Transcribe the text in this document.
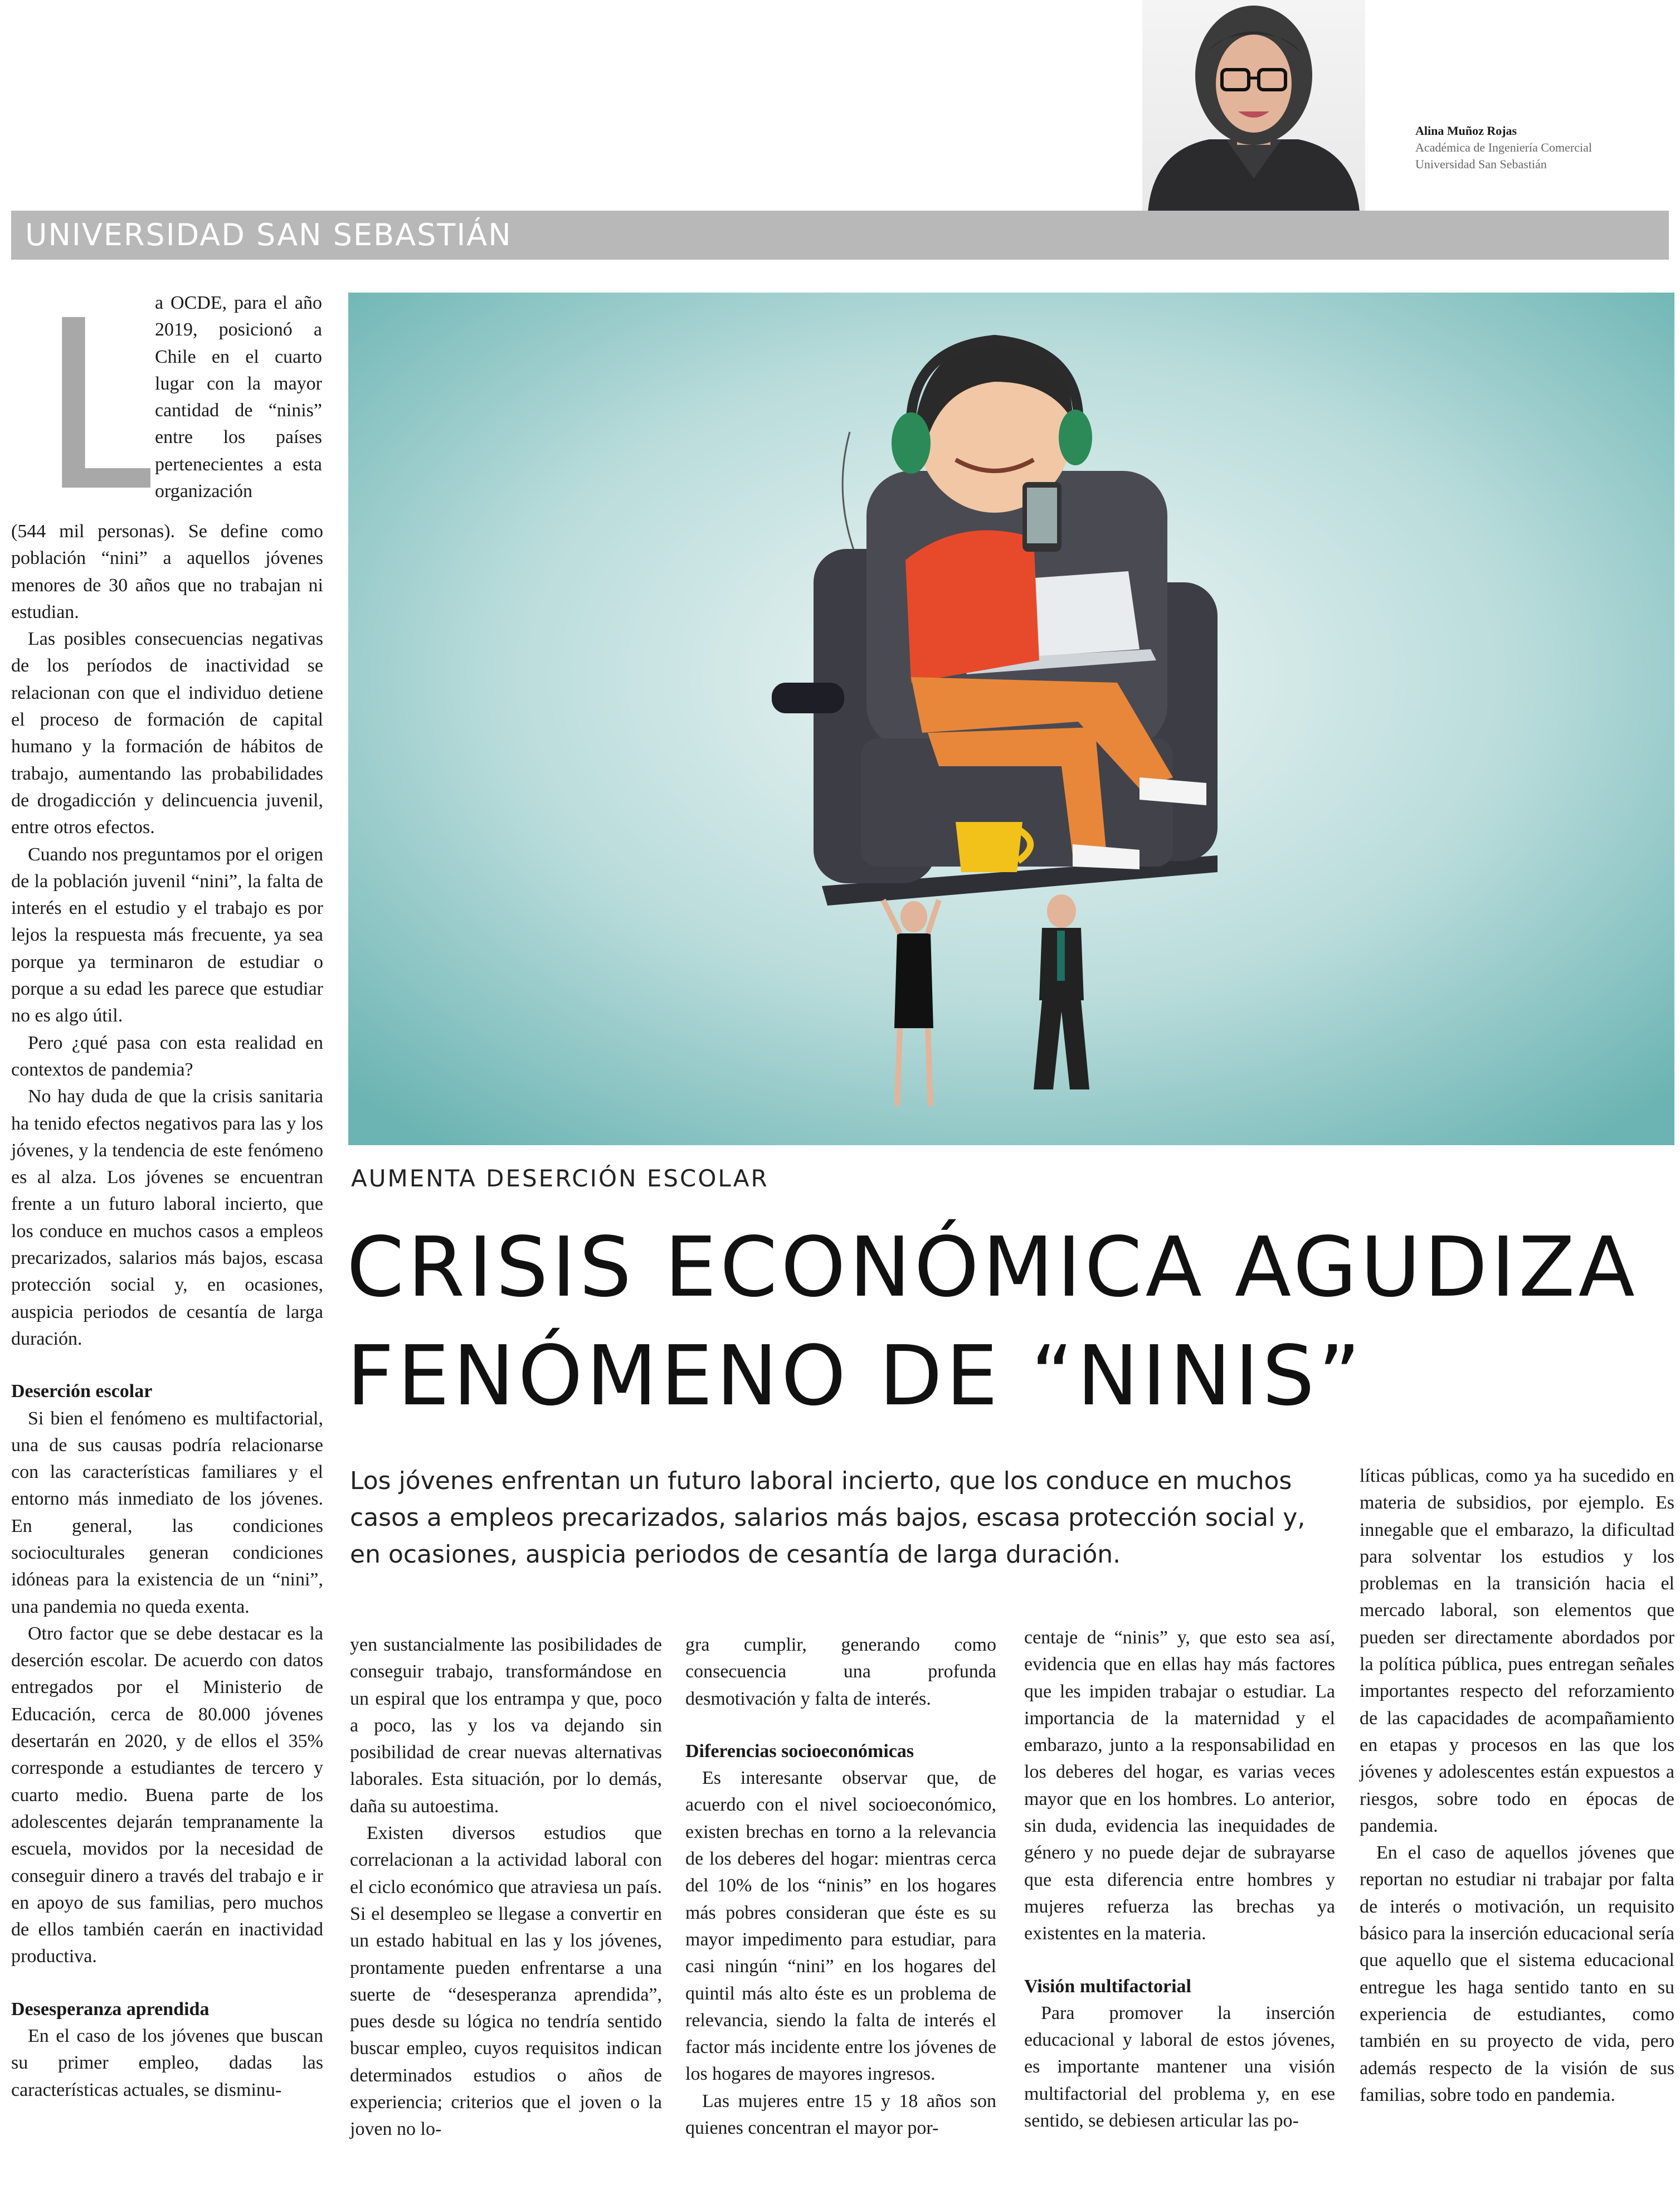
Alina Muñoz Rojas
Académica de Ingeniería Comercial
Universidad San Sebastián
UNIVERSIDAD SAN SEBASTIÁN
L
a OCDE, para el año 2019, posicionó a Chile en el cuarto lugar con la mayor cantidad de “ninis” entre los países pertenecientes a esta organización
AUMENTA DESERCIÓN ESCOLAR
CRISIS ECONÓMICA AGUDIZA
FENÓMENO DE “NINIS”
Los jóvenes enfrentan un futuro laboral incierto, que los conduce en muchos casos a empleos precarizados, salarios más bajos, escasa protección social y, en ocasiones, auspicia periodos de cesantía de larga duración.

(544 mil personas). Se define como población “nini” a aquellos jóvenes menores de 30 años que no trabajan ni estudian.

Las posibles consecuencias negativas de los períodos de inactividad se relacionan con que el individuo detiene el proceso de formación de capital humano y la formación de hábitos de trabajo, aumentando las probabilidades de drogadicción y delincuencia juvenil, entre otros efectos.

Cuando nos preguntamos por el origen de la población juvenil “nini”, la falta de interés en el estudio y el trabajo es por lejos la respuesta más frecuente, ya sea porque ya terminaron de estudiar o porque a su edad les parece que estudiar no es algo útil.

Pero ¿qué pasa con esta realidad en contextos de pandemia?

No hay duda de que la crisis sanitaria ha tenido efectos negativos para las y los jóvenes, y la tendencia de este fenómeno es al alza. Los jóvenes se encuentran frente a un futuro laboral incierto, que los conduce en muchos casos a empleos precarizados, salarios más bajos, escasa protección social y, en ocasiones, auspicia periodos de cesantía de larga duración.

Deserción escolar

Si bien el fenómeno es multifactorial, una de sus causas podría relacionarse con las características familiares y el entorno más inmediato de los jóvenes. En general, las condiciones socioculturales generan condiciones idóneas para la existencia de un “nini”, una pandemia no queda exenta.

Otro factor que se debe destacar es la deserción escolar. De acuerdo con datos entregados por el Ministerio de Educación, cerca de 80.000 jóvenes desertarán en 2020, y de ellos el 35% corresponde a estudiantes de tercero y cuarto medio. Buena parte de los adolescentes dejarán tempranamente la escuela, movidos por la necesidad de conseguir dinero a través del trabajo e ir en apoyo de sus familias, pero muchos de ellos también caerán en inactividad productiva.

Desesperanza aprendida

En el caso de los jóvenes que buscan su primer empleo, dadas las características actuales, se disminu-

yen sustancialmente las posibilidades de conseguir trabajo, transformándose en un espiral que los entrampa y que, poco a poco, las y los va dejando sin posibilidad de crear nuevas alternativas laborales. Esta situación, por lo demás, daña su autoestima.

Existen diversos estudios que correlacionan a la actividad laboral con el ciclo económico que atraviesa un país. Si el desempleo se llegase a convertir en un estado habitual en las y los jóvenes, prontamente pueden enfrentarse a una suerte de “desesperanza aprendida”, pues desde su lógica no tendría sentido buscar empleo, cuyos requisitos indican determinados estudios o años de experiencia; criterios que el joven o la joven no lo-

gra cumplir, generando como consecuencia una profunda desmotivación y falta de interés.

Diferencias socioeconómicas

Es interesante observar que, de acuerdo con el nivel socioeconómico, existen brechas en torno a la relevancia de los deberes del hogar: mientras cerca del 10% de los “ninis” en los hogares más pobres consideran que éste es su mayor impedimento para estudiar, para casi ningún “nini” en los hogares del quintil más alto éste es un problema de relevancia, siendo la falta de interés el factor más incidente entre los jóvenes de los hogares de mayores ingresos.

Las mujeres entre 15 y 18 años son quienes concentran el mayor por-

centaje de “ninis” y, que esto sea así, evidencia que en ellas hay más factores que les impiden trabajar o estudiar. La importancia de la maternidad y el embarazo, junto a la responsabilidad en los deberes del hogar, es varias veces mayor que en los hombres. Lo anterior, sin duda, evidencia las inequidades de género y no puede dejar de subrayarse que esta diferencia entre hombres y mujeres refuerza las brechas ya existentes en la materia.

Visión multifactorial

Para promover la inserción educacional y laboral de estos jóvenes, es importante mantener una visión multifactorial del problema y, en ese sentido, se debiesen articular las po-

líticas públicas, como ya ha sucedido en materia de subsidios, por ejemplo. Es innegable que el embarazo, la dificultad para solventar los estudios y los problemas en la transición hacia el mercado laboral, son elementos que pueden ser directamente abordados por la política pública, pues entregan señales importantes respecto del reforzamiento de las capacidades de acompañamiento en etapas y procesos en las que los jóvenes y adolescentes están expuestos a riesgos, sobre todo en épocas de pandemia.

En el caso de aquellos jóvenes que reportan no estudiar ni trabajar por falta de interés o motivación, un requisito básico para la inserción educacional sería que aquello que el sistema educacional entregue les haga sentido tanto en su experiencia de estudiantes, como también en su proyecto de vida, pero además respecto de la visión de sus familias, sobre todo en pandemia.
